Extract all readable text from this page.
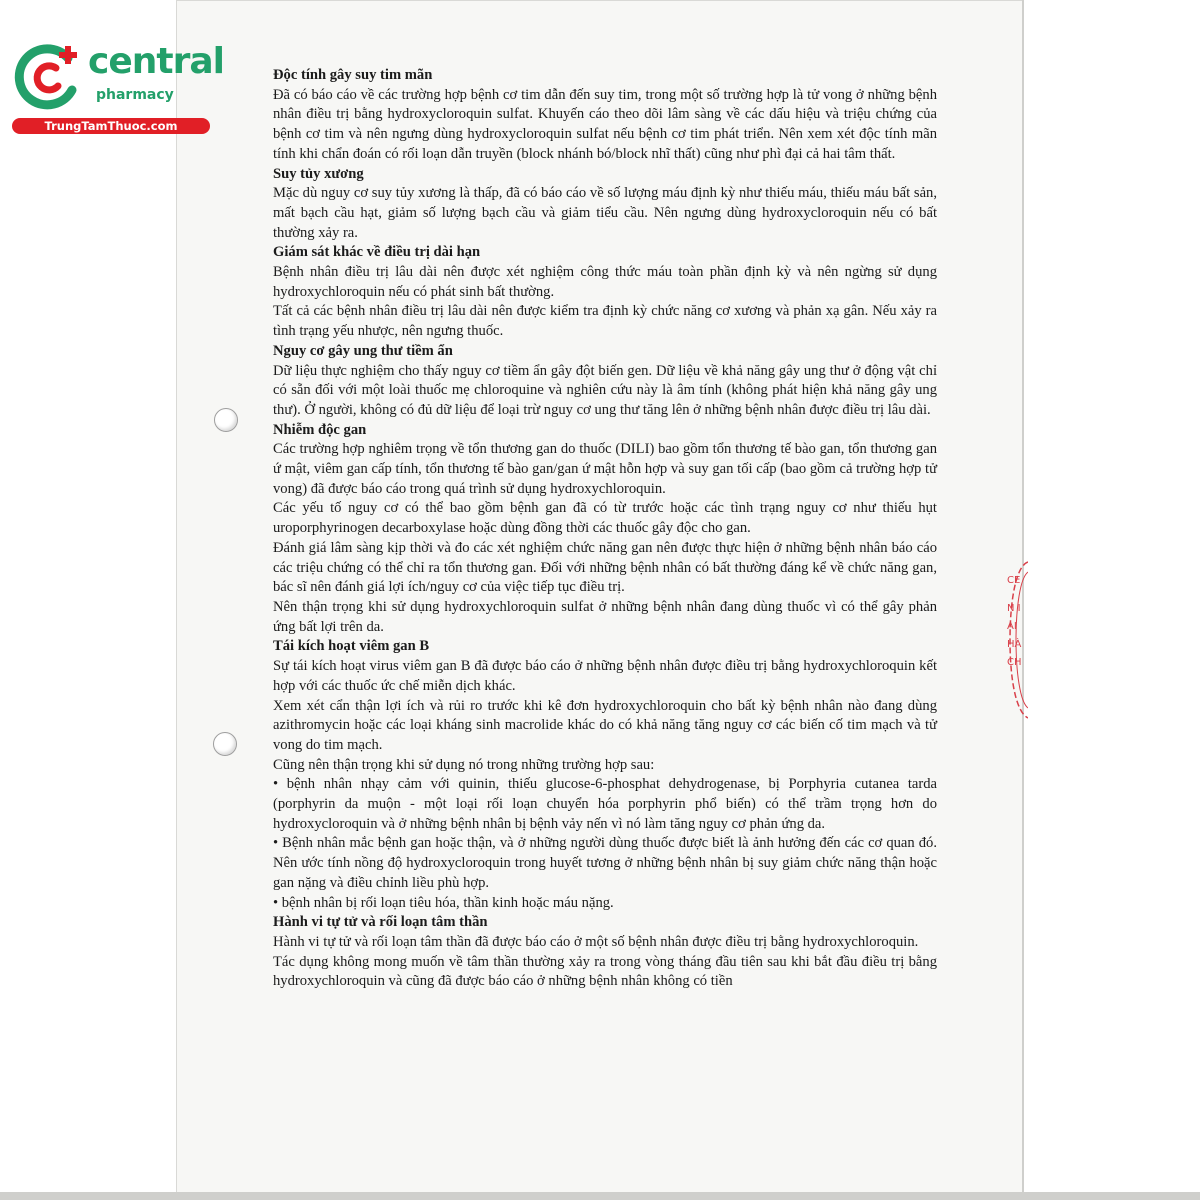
central
pharmacy
TrungTamThuoc.com
CE
N I
AI
HÀ
CH
Độc tính gây suy tim mãn

Đã có báo cáo về các trường hợp bệnh cơ tim dẫn đến suy tim, trong một số trường hợp là tử vong ở những bệnh nhân điều trị bằng hydroxycloroquin sulfat. Khuyến cáo theo dõi lâm sàng về các dấu hiệu và triệu chứng của bệnh cơ tim và nên ngưng dùng hydroxycloroquin sulfat nếu bệnh cơ tim phát triển. Nên xem xét độc tính mãn tính khi chẩn đoán có rối loạn dẫn truyền (block nhánh bó/block nhĩ thất) cũng như phì đại cả hai tâm thất.

Suy tủy xương

Mặc dù nguy cơ suy tủy xương là thấp, đã có báo cáo về số lượng máu định kỳ như thiếu máu, thiếu máu bất sản, mất bạch cầu hạt, giảm số lượng bạch cầu và giảm tiểu cầu. Nên ngưng dùng hydroxycloroquin nếu có bất thường xảy ra.

Giám sát khác về điều trị dài hạn

Bệnh nhân điều trị lâu dài nên được xét nghiệm công thức máu toàn phần định kỳ và nên ngừng sử dụng hydroxychloroquin nếu có phát sinh bất thường.

Tất cả các bệnh nhân điều trị lâu dài nên được kiểm tra định kỳ chức năng cơ xương và phản xạ gân. Nếu xảy ra tình trạng yếu nhược, nên ngưng thuốc.

Nguy cơ gây ung thư tiềm ẩn

Dữ liệu thực nghiệm cho thấy nguy cơ tiềm ẩn gây đột biến gen. Dữ liệu về khả năng gây ung thư ở động vật chỉ có sẵn đối với một loài thuốc mẹ chloroquine và nghiên cứu này là âm tính (không phát hiện khả năng gây ung thư). Ở người, không có đủ dữ liệu để loại trừ nguy cơ ung thư tăng lên ở những bệnh nhân được điều trị lâu dài.

Nhiễm độc gan

Các trường hợp nghiêm trọng về tổn thương gan do thuốc (DILI) bao gồm tổn thương tế bào gan, tổn thương gan ứ mật, viêm gan cấp tính, tổn thương tế bào gan/gan ứ mật hỗn hợp và suy gan tối cấp (bao gồm cả trường hợp tử vong) đã được báo cáo trong quá trình sử dụng hydroxychloroquin.

Các yếu tố nguy cơ có thể bao gồm bệnh gan đã có từ trước hoặc các tình trạng nguy cơ như thiếu hụt uroporphyrinogen decarboxylase hoặc dùng đồng thời các thuốc gây độc cho gan.

Đánh giá lâm sàng kịp thời và đo các xét nghiệm chức năng gan nên được thực hiện ở những bệnh nhân báo cáo các triệu chứng có thể chỉ ra tổn thương gan. Đối với những bệnh nhân có bất thường đáng kể về chức năng gan, bác sĩ nên đánh giá lợi ích/nguy cơ của việc tiếp tục điều trị.

Nên thận trọng khi sử dụng hydroxychloroquin sulfat ở những bệnh nhân đang dùng thuốc vì có thể gây phản ứng bất lợi trên da.

Tái kích hoạt viêm gan B

Sự tái kích hoạt virus viêm gan B đã được báo cáo ở những bệnh nhân được điều trị bằng hydroxychloroquin kết hợp với các thuốc ức chế miễn dịch khác.

Xem xét cẩn thận lợi ích và rủi ro trước khi kê đơn hydroxychloroquin cho bất kỳ bệnh nhân nào đang dùng azithromycin hoặc các loại kháng sinh macrolide khác do có khả năng tăng nguy cơ các biến cố tim mạch và tử vong do tim mạch.

Cũng nên thận trọng khi sử dụng nó trong những trường hợp sau:

• bệnh nhân nhạy cảm với quinin, thiếu glucose-6-phosphat dehydrogenase, bị Porphyria cutanea tarda (porphyrin da muộn - một loại rối loạn chuyển hóa porphyrin phổ biến) có thể trầm trọng hơn do hydroxycloroquin và ở những bệnh nhân bị bệnh vảy nến vì nó làm tăng nguy cơ phản ứng da.

• Bệnh nhân mắc bệnh gan hoặc thận, và ở những người dùng thuốc được biết là ảnh hưởng đến các cơ quan đó. Nên ước tính nồng độ hydroxycloroquin trong huyết tương ở những bệnh nhân bị suy giảm chức năng thận hoặc gan nặng và điều chỉnh liều phù hợp.

• bệnh nhân bị rối loạn tiêu hóa, thần kinh hoặc máu nặng.

Hành vi tự tử và rối loạn tâm thần

Hành vi tự tử và rối loạn tâm thần đã được báo cáo ở một số bệnh nhân được điều trị bằng hydroxychloroquin.

Tác dụng không mong muốn về tâm thần thường xảy ra trong vòng tháng đầu tiên sau khi bắt đầu điều trị bằng hydroxychloroquin và cũng đã được báo cáo ở những bệnh nhân không có tiền
